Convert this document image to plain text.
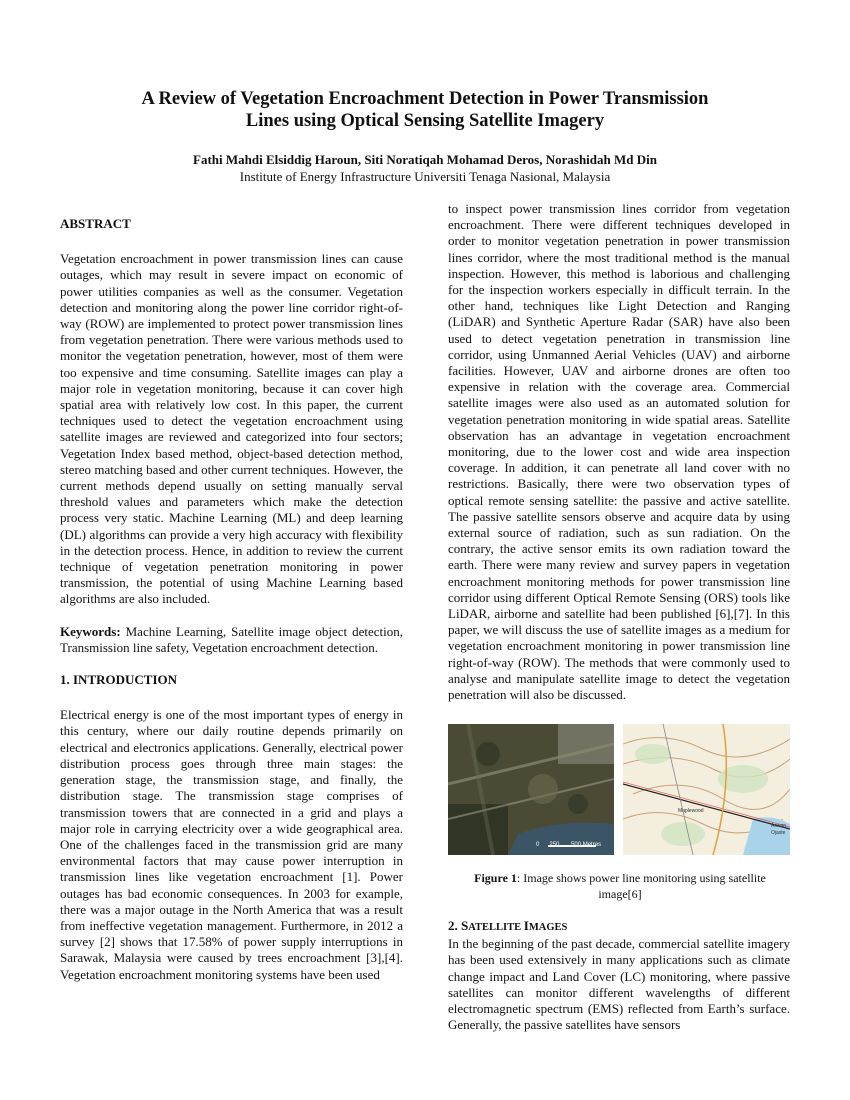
A Review of Vegetation Encroachment Detection in Power Transmission
Lines using Optical Sensing Satellite Imagery
Fathi Mahdi Elsiddig Haroun, Siti Noratiqah Mohamad Deros, Norashidah Md Din
Institute of Energy Infrastructure Universiti Tenaga Nasional, Malaysia

ABSTRACT

Vegetation encroachment in power transmission lines can cause outages, which may result in severe impact on economic of power utilities companies as well as the consumer. Vegetation detection and monitoring along the power line corridor right-of-way (ROW) are implemented to protect power transmission lines from vegetation penetration. There were various methods used to monitor the vegetation penetration, however, most of them were too expensive and time consuming. Satellite images can play a major role in vegetation monitoring, because it can cover high spatial area with relatively low cost. In this paper, the current techniques used to detect the vegetation encroachment using satellite images are reviewed and categorized into four sectors; Vegetation Index based method, object-based detection method, stereo matching based and other current techniques. However, the current methods depend usually on setting manually serval threshold values and parameters which make the detection process very static. Machine Learning (ML) and deep learning (DL) algorithms can provide a very high accuracy with flexibility in the detection process. Hence, in addition to review the current technique of vegetation penetration monitoring in power transmission, the potential of using Machine Learning based algorithms are also included.

Keywords: Machine Learning, Satellite image object detection, Transmission line safety, Vegetation encroachment detection.

1. INTRODUCTION

Electrical energy is one of the most important types of energy in this century, where our daily routine depends primarily on electrical and electronics applications. Generally, electrical power distribution process goes through three main stages: the generation stage, the transmission stage, and finally, the distribution stage. The transmission stage comprises of transmission towers that are connected in a grid and plays a major role in carrying electricity over a wide geographical area. One of the challenges faced in the transmission grid are many environmental factors that may cause power interruption in transmission lines like vegetation encroachment [1]. Power outages has bad economic consequences. In 2003 for example, there was a major outage in the North America that was a result from ineffective vegetation management. Furthermore, in 2012 a survey [2] shows that 17.58% of power supply interruptions in Sarawak, Malaysia were caused by trees encroachment [3],[4]. Vegetation encroachment monitoring systems have been used

to inspect power transmission lines corridor from vegetation encroachment. There were different techniques developed in order to monitor vegetation penetration in power transmission lines corridor, where the most traditional method is the manual inspection. However, this method is laborious and challenging for the inspection workers especially in difficult terrain. In the other hand, techniques like Light Detection and Ranging (LiDAR) and Synthetic Aperture Radar (SAR) have also been used to detect vegetation penetration in transmission line corridor, using Unmanned Aerial Vehicles (UAV) and airborne facilities. However, UAV and airborne drones are often too expensive in relation with the coverage area. Commercial satellite images were also used as an automated solution for vegetation penetration monitoring in wide spatial areas. Satellite observation has an advantage in vegetation encroachment monitoring, due to the lower cost and wide area inspection coverage. In addition, it can penetrate all land cover with no restrictions. Basically, there were two observation types of optical remote sensing satellite: the passive and active satellite. The passive satellite sensors observe and acquire data by using external source of radiation, such as sun radiation. On the contrary, the active sensor emits its own radiation toward the earth. There were many review and survey papers in vegetation encroachment monitoring methods for power transmission line corridor using different Optical Remote Sensing (ORS) tools like LiDAR, airborne and satellite had been published [6],[7]. In this paper, we will discuss the use of satellite images as a medium for vegetation encroachment monitoring in power transmission line right-of-way (ROW). The methods that were commonly used to analyse and manipulate satellite image to detect the vegetation penetration will also be discussed.

0 250 500 Metres
Maplewood
Aswan
Ojaste
Figure 1: Image shows power line monitoring using satellite image[6]

2. SATELLITE IMAGES

In the beginning of the past decade, commercial satellite imagery has been used extensively in many applications such as climate change impact and Land Cover (LC) monitoring, where passive satellites can monitor different wavelengths of different electromagnetic spectrum (EMS) reflected from Earth’s surface. Generally, the passive satellites have sensors
